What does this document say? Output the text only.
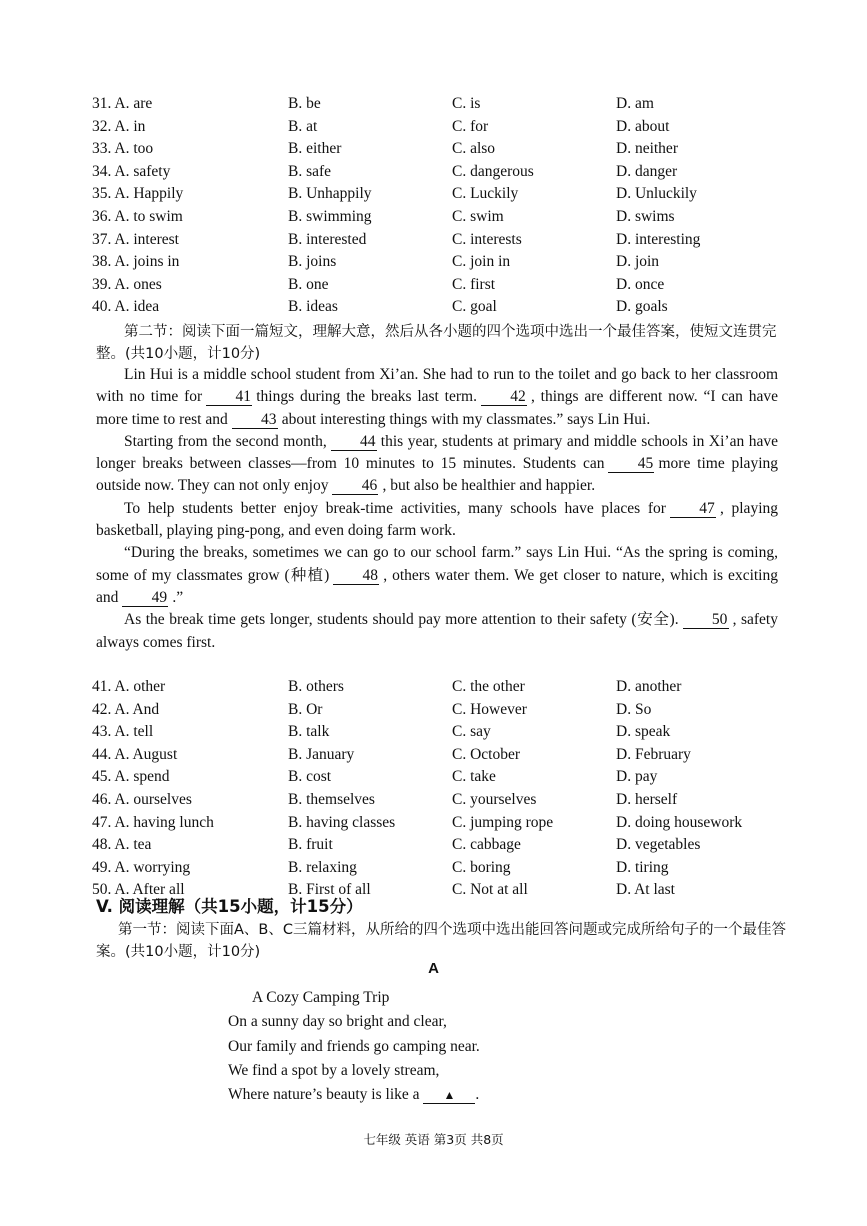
31. A. are	B. be	C. is	D. am
32. A. in	B. at	C. for	D. about
33. A. too	B. either	C. also	D. neither
34. A. safety	B. safe	C. dangerous	D. danger
35. A. Happily	B. Unhappily	C. Luckily	D. Unluckily
36. A. to swim	B. swimming	C. swim	D. swims
37. A. interest	B. interested	C. interests	D. interesting
38. A. joins in	B. joins	C. join in	D. join
39. A. ones	B. one	C. first	D. once
40. A. idea	B. ideas	C. goal	D. goals
第二节：阅读下面一篇短文，理解大意，然后从各小题的四个选项中选出一个最佳答案，使短文连贯完整。(共10小题，计10分)

Lin Hui is a middle school student from Xi’an. She had to run to the toilet and go back to her classroom with no time for 41 things during the breaks last term. 42 , things are different now. “I can have more time to rest and 43 about interesting things with my classmates.” says Lin Hui.

Starting from the second month, 44 this year, students at primary and middle schools in Xi’an have longer breaks between classes—from 10 minutes to 15 minutes. Students can 45 more time playing outside now. They can not only enjoy 46 , but also be healthier and happier.

To help students better enjoy break-time activities, many schools have places for 47 , playing basketball, playing ping-pong, and even doing farm work.

“During the breaks, sometimes we can go to our school farm.” says Lin Hui. “As the spring is coming, some of my classmates grow (种植) 48 , others water them. We get closer to nature, which is exciting and 49 .”

As the break time gets longer, students should pay more attention to their safety (安全). 50 , safety always comes first.

41. A. other	B. others	C. the other	D. another
42. A. And	B. Or	C. However	D. So
43. A. tell	B. talk	C. say	D. speak
44. A. August	B. January	C. October	D. February
45. A. spend	B. cost	C. take	D. pay
46. A. ourselves	B. themselves	C. yourselves	D. herself
47. A. having lunch	B. having classes	C. jumping rope	D. doing housework
48. A. tea	B. fruit	C. cabbage	D. vegetables
49. A. worrying	B. relaxing	C. boring	D. tiring
50. A. After all	B. First of all	C. Not at all	D. At last
V. 阅读理解（共15小题，计15分）
第一节：阅读下面A、B、C三篇材料，从所给的四个选项中选出能回答问题或完成所给句子的一个最佳答案。(共10小题，计10分)
A
A Cozy Camping Trip
On a sunny day so bright and clear,
Our family and friends go camping near.
We find a spot by a lovely stream,
Where nature’s beauty is like a ▲ .
七年级 英语 第3页 共8页
